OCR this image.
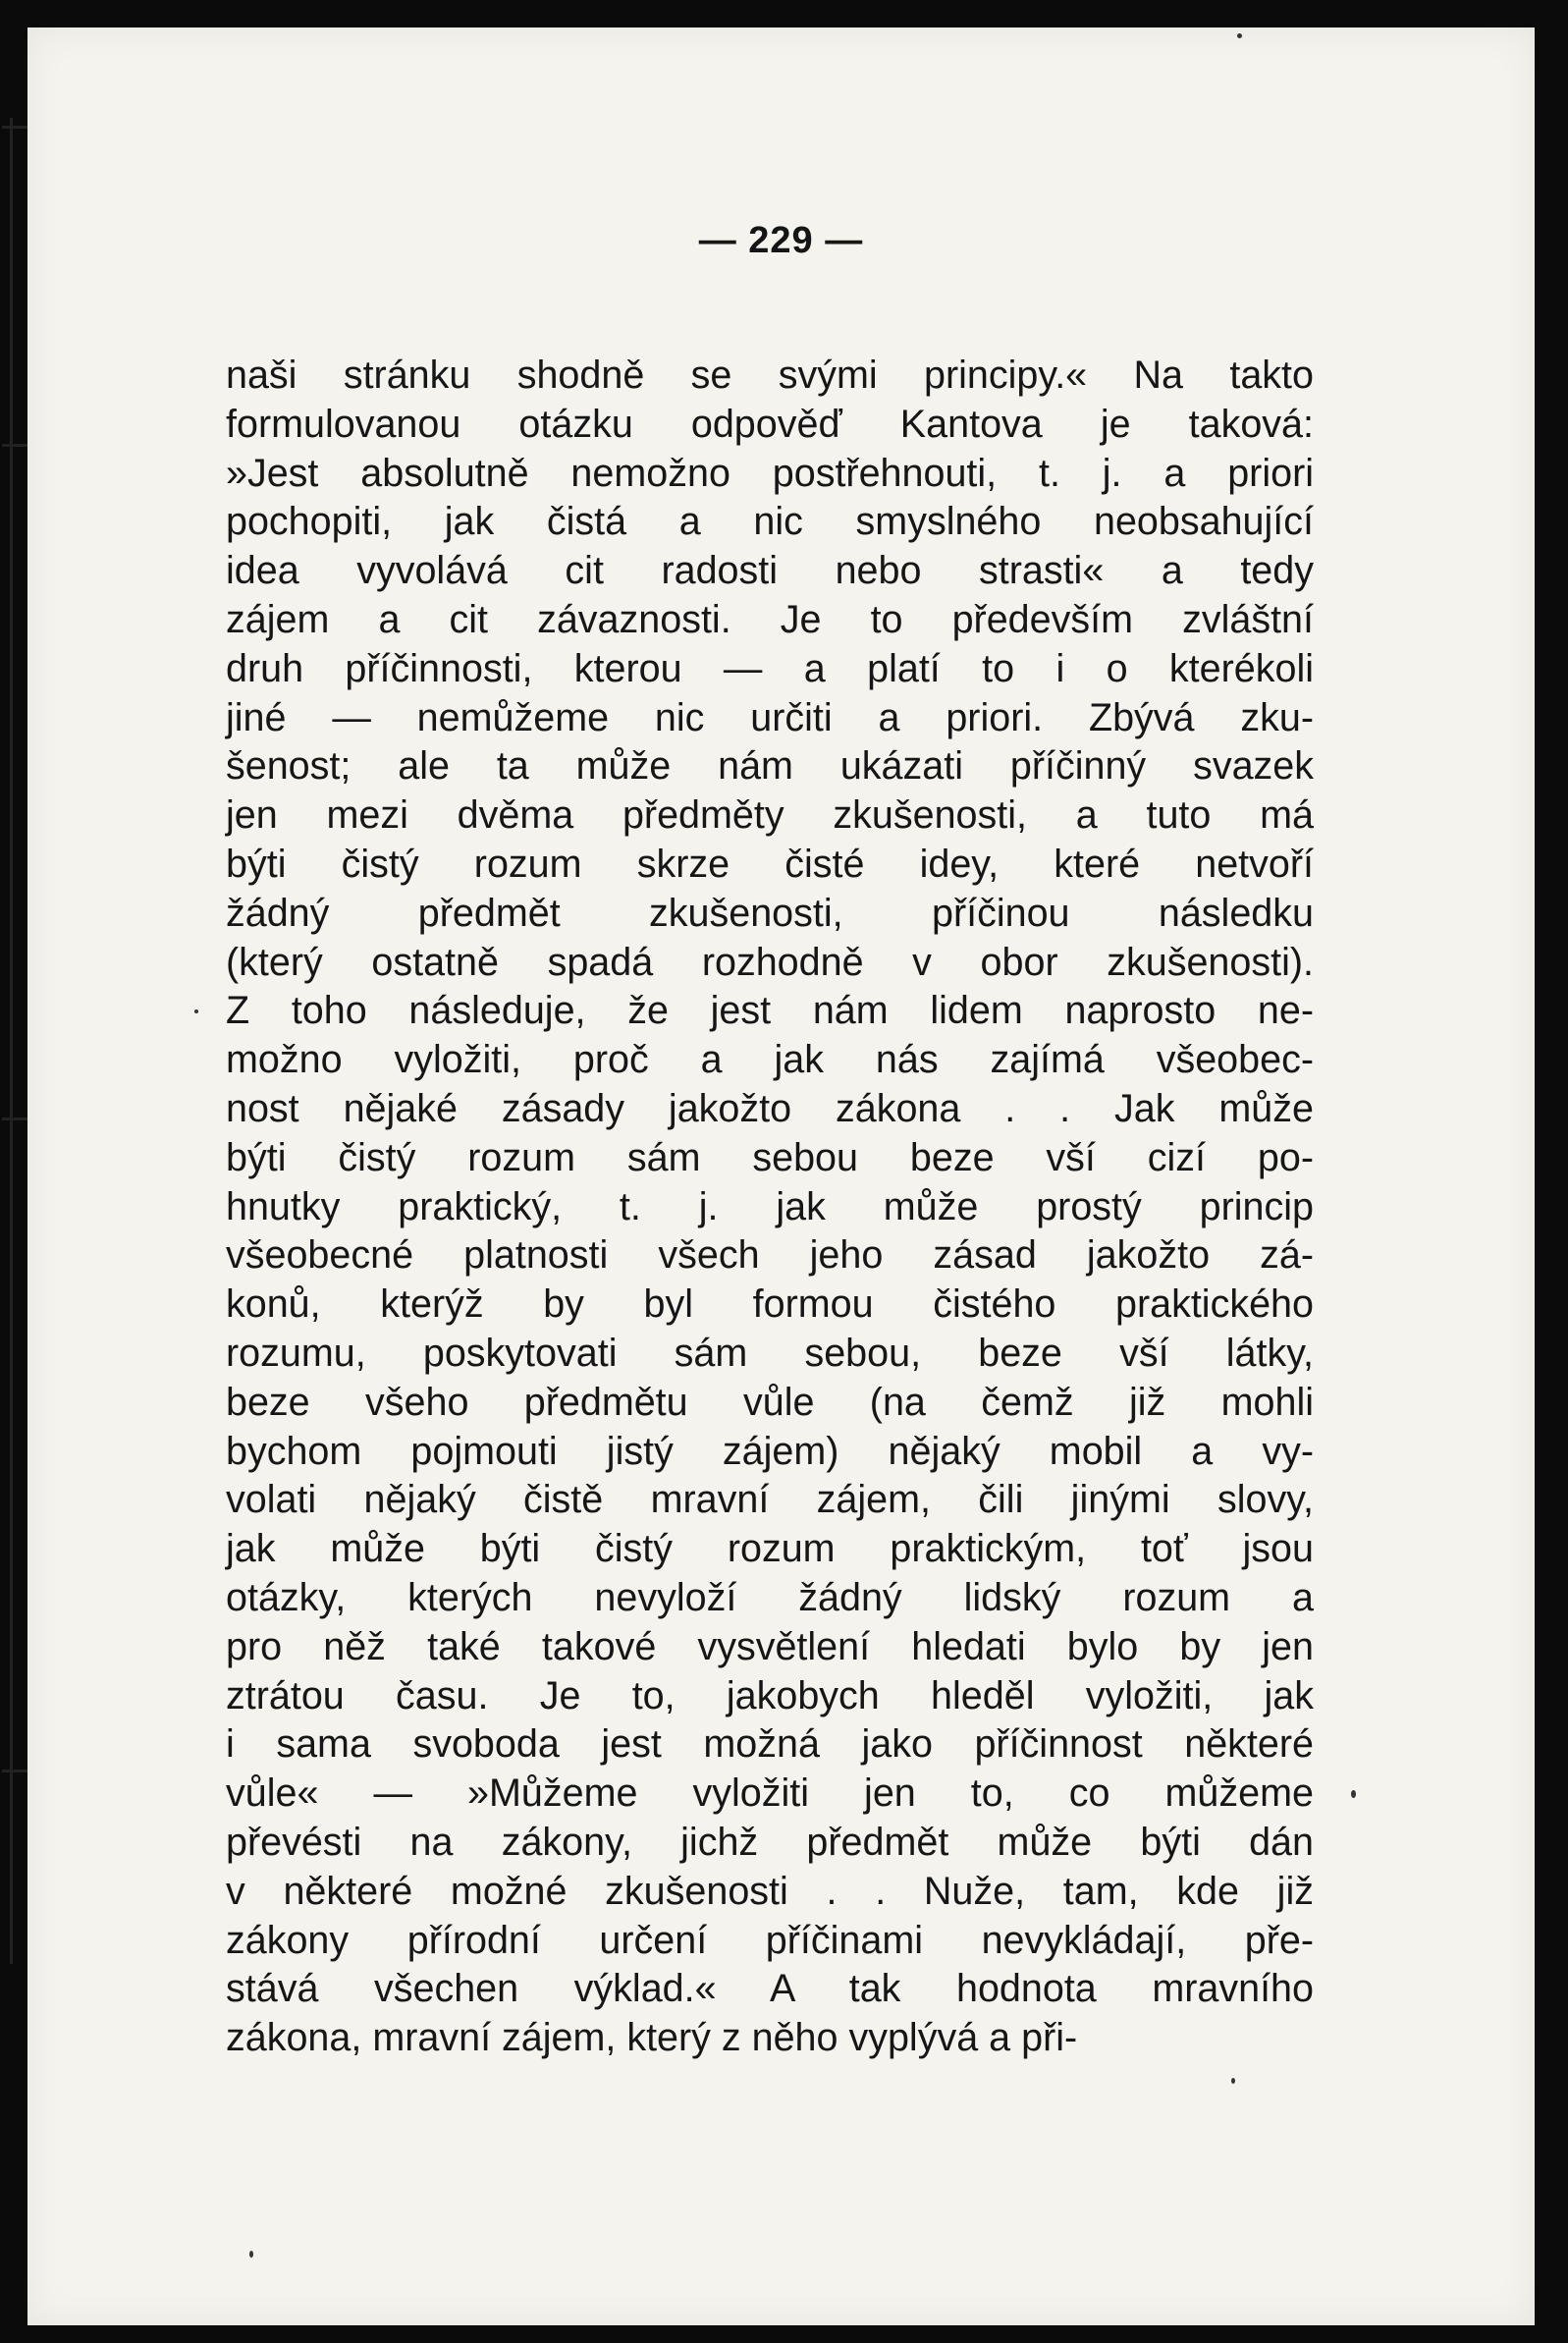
— 229 —
naši stránku shodně se svými principy.« Na takto
formulovanou otázku odpověď Kantova je taková:
»Jest absolutně nemožno postřehnouti, t. j. a priori
pochopiti, jak čistá a nic smyslného neobsahující
idea vyvolává cit radosti nebo strasti« a tedy
zájem a cit závaznosti. Je to především zvláštní
druh příčinnosti, kterou — a platí to i o kterékoli
jiné — nemůžeme nic určiti a priori. Zbývá zku-
šenost; ale ta může nám ukázati příčinný svazek
jen mezi dvěma předměty zkušenosti, a tuto má
býti čistý rozum skrze čisté idey, které netvoří
žádný předmět zkušenosti, příčinou následku
(který ostatně spadá rozhodně v obor zkušenosti).
Z toho následuje, že jest nám lidem naprosto ne-
možno vyložiti, proč a jak nás zajímá všeobec-
nost nějaké zásady jakožto zákona . . Jak může
býti čistý rozum sám sebou beze vší cizí po-
hnutky praktický, t. j. jak může prostý princip
všeobecné platnosti všech jeho zásad jakožto zá-
konů, kterýž by byl formou čistého praktického
rozumu, poskytovati sám sebou, beze vší látky,
beze všeho předmětu vůle (na čemž již mohli
bychom pojmouti jistý zájem) nějaký mobil a vy-
volati nějaký čistě mravní zájem, čili jinými slovy,
jak může býti čistý rozum praktickým, toť jsou
otázky, kterých nevyloží žádný lidský rozum a
pro něž také takové vysvětlení hledati bylo by jen
ztrátou času. Je to, jakobych hleděl vyložiti, jak
i sama svoboda jest možná jako příčinnost některé
vůle« — »Můžeme vyložiti jen to, co můžeme
převésti na zákony, jichž předmět může býti dán
v některé možné zkušenosti . . Nuže, tam, kde již
zákony přírodní určení příčinami nevykládají, pře-
stává všechen výklad.« A tak hodnota mravního
zákona, mravní zájem, který z něho vyplývá a při-
